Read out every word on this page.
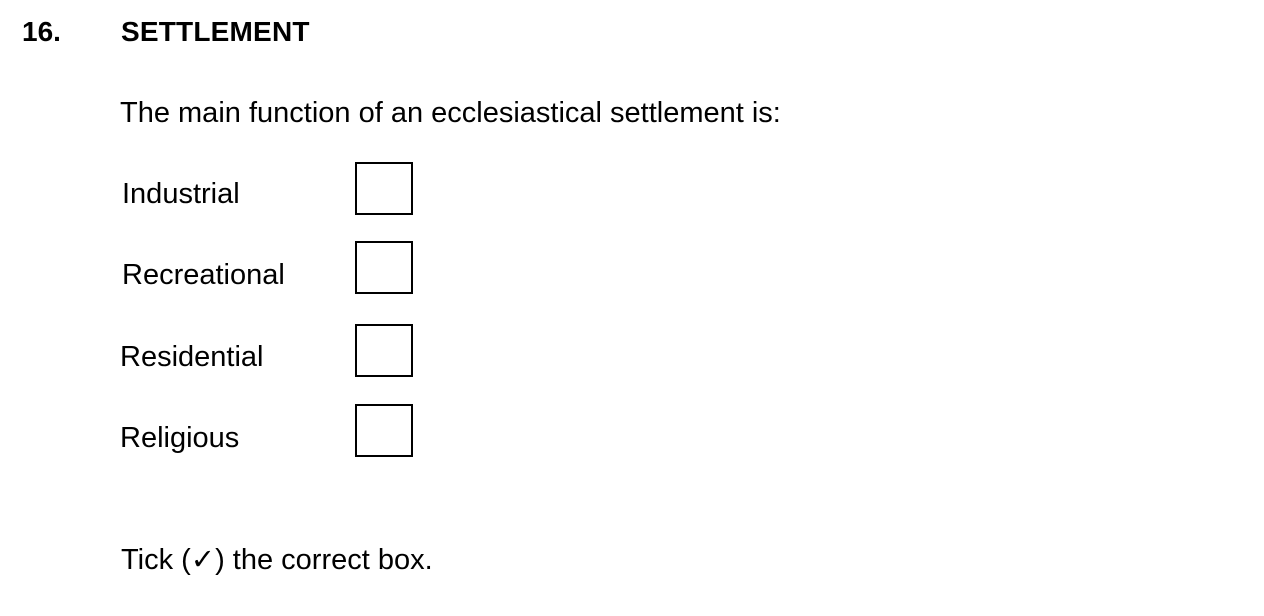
16. SETTLEMENT
The main function of an ecclesiastical settlement is:
Industrial
Recreational
Residential
Religious
Tick (✓) the correct box.
